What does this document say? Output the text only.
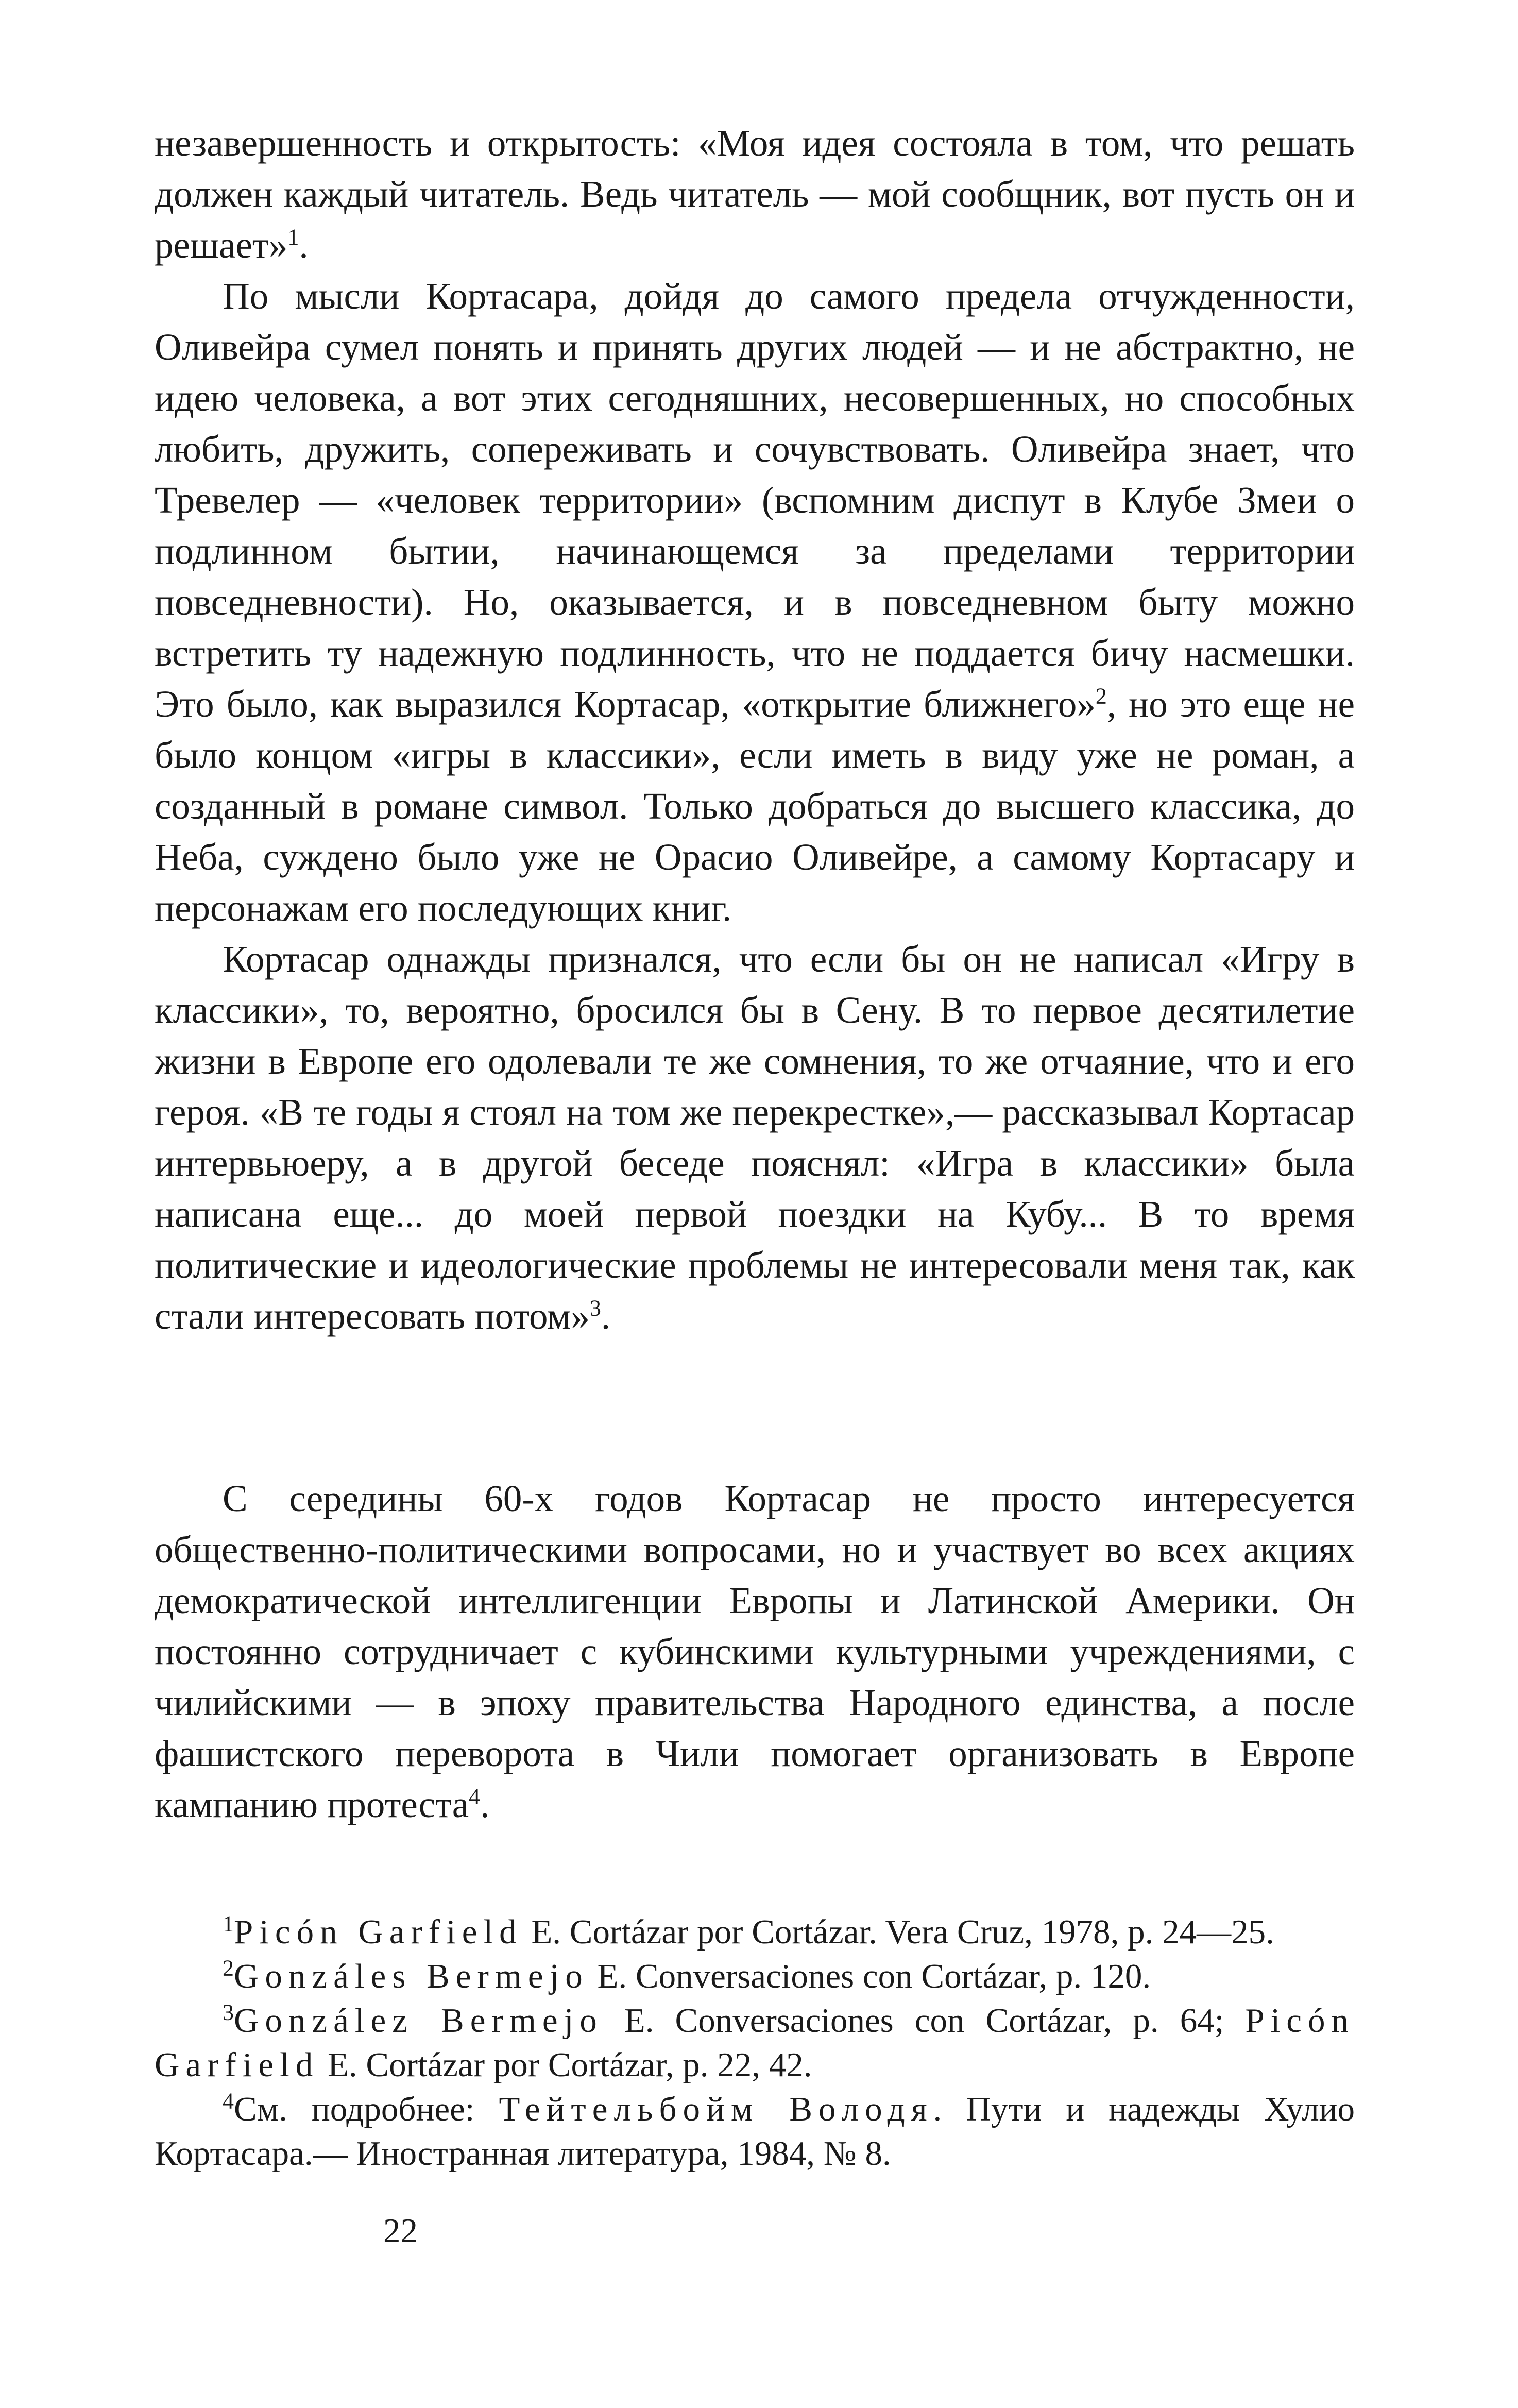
незавершенность и открытость: «Моя идея состояла в том, что решать должен каждый читатель. Ведь читатель — мой сообщник, вот пусть он и решает»$^1$.

По мысли Кортасара, дойдя до самого предела отчужденности, Оливейра сумел понять и принять других людей — и не абстрактно, не идею человека, а вот этих сегодняшних, несовершенных, но способных любить, дружить, сопереживать и сочувствовать. Оливейра знает, что Тревелер — «человек территории» (вспомним диспут в Клубе Змеи о подлинном бытии, начинающемся за пределами территории повседневности). Но, оказывается, и в повседневном быту можно встретить ту надежную подлинность, что не поддается бичу насмешки. Это было, как выразился Кортасар, «открытие ближнего»$^2$, но это еще не было концом «игры в классики», если иметь в виду уже не роман, а созданный в романе символ. Только добраться до высшего классика, до Неба, суждено было уже не Орасио Оливейре, а самому Кортасару и персонажам его последующих книг.

Кортасар однажды признался, что если бы он не написал «Игру в классики», то, вероятно, бросился бы в Сену. В то первое десятилетие жизни в Европе его одолевали те же сомнения, то же отчаяние, что и его героя. «В те годы я стоял на том же перекрестке»,— рассказывал Кортасар интервьюеру, а в другой беседе пояснял: «Игра в классики» была написана еще... до моей первой поездки на Кубу... В то время политические и идеологические проблемы не интересовали меня так, как стали интересовать потом»$^3$.

С середины 60-х годов Кортасар не просто интересуется общественно-политическими вопросами, но и участвует во всех акциях демократической интеллигенции Европы и Латинской Америки. Он постоянно сотрудничает с кубинскими культурными учреждениями, с чилийскими — в эпоху правительства Народного единства, а после фашистского переворота в Чили помогает организовать в Европе кампанию протеста$^4$.

$^1$Picón Garfield E. Cortázar por Cortázar. Vera Cruz, 1978, p. 24—25.

$^2$Gonzáles Bermejo E. Conversaciones con Cortázar, p. 120.

$^3$González Bermejo E. Conversaciones con Cortázar, p. 64; Picón Garfield E. Cortázar por Cortázar, p. 22, 42.

$^4$См. подробнее: Тейтельбойм Володя. Пути и надежды Хулио Кортасара.— Иностранная литература, 1984, № 8.

22
